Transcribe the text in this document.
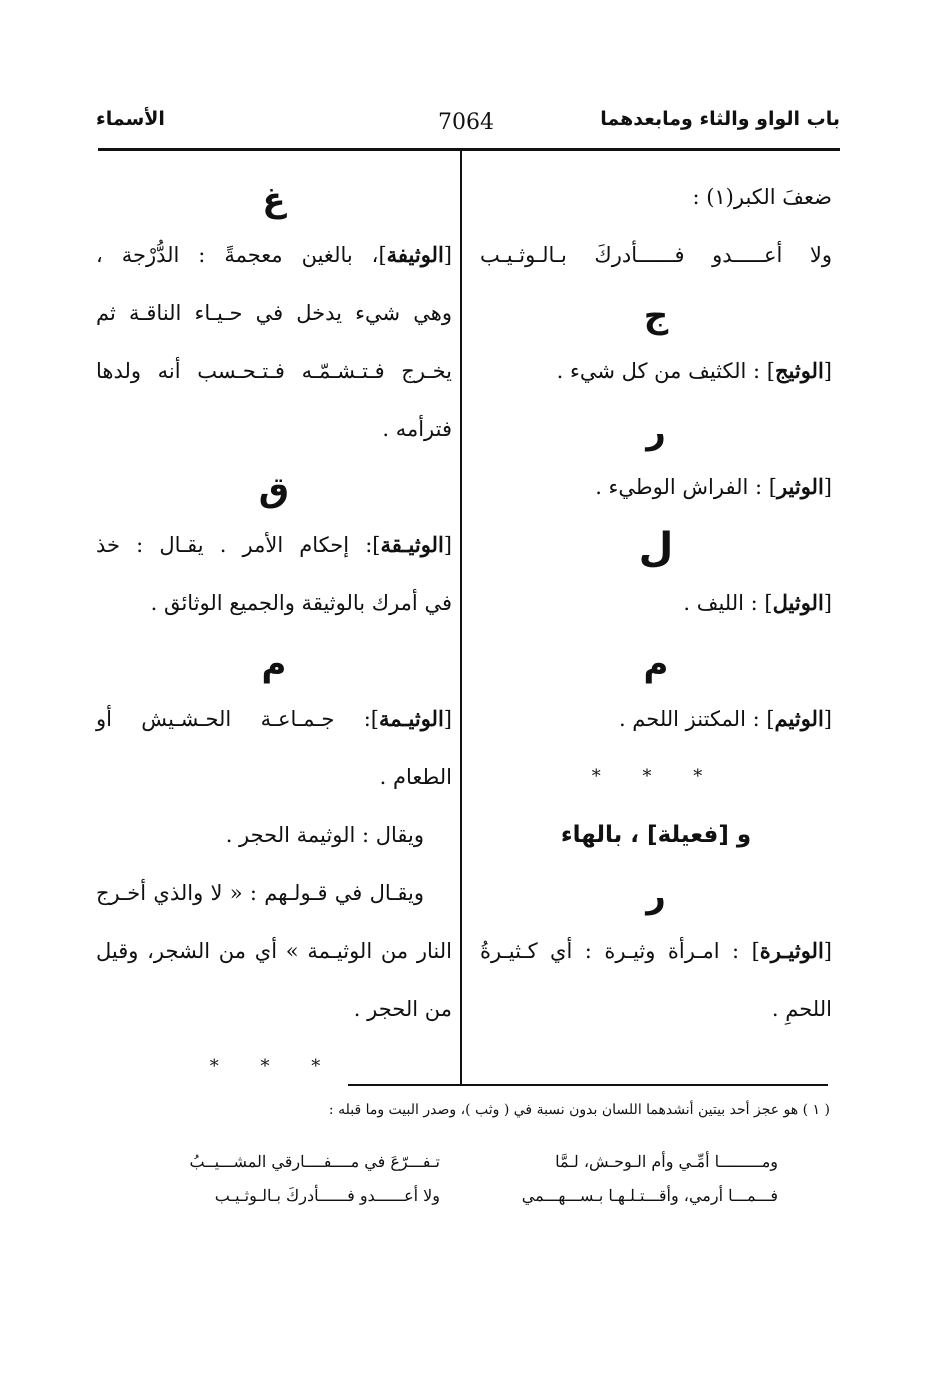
باب الواو والثاء ومابعدهما
7064
الأسماء
ضعفَ الكبر(١) :
ولا أعـــــدو فــــــأدركَ بـالـوثـيـب
ج
[الوثيج] : الكثيف من كل شيء .
ر
[الوثير] : الفراش الوطيء .
ل
[الوثيل] : الليف .
م
[الوثيم] : المكتنز اللحم .
* * *
و [فعيلة] ، بالهاء
ر
[الوثيـرة] : امـرأة وثيـرة : أي كـثيـرةُ
اللحمِ .
غ
[الوثيفة]، بالغين معجمةً : الدُّرْجة ،
وهي شيء يدخل في حـيـاء الناقـة ثم
يخـرج فـتـشـمّـه فـتـحـسب أنه ولدها
فترأمه .
ق
[الوثيـقة]: إحكام الأمر . يقـال : خذ
في أمرك بالوثيقة والجميع الوثائق .
م
[الوثيـمة]: جـمـاعـة الحـشـيش أو
الطعام .
ويقال : الوثيمة الحجر .
ويقـال في قـولـهم : « لا والذي أخـرج
النار من الوثيـمة » أي من الشجر، وقيل
من الحجر .
* * *
( ١ ) هو عجز أحد بيتين أنشدهما اللسان بدون نسبة في ( وثب )، وصدر البيت وما قبله :
ومـــــــــا أمِّـي وأم الـوحـش، لـمَّا
تـفـــرّعَ في مــــفــــارقي المشـــيــبُ
فـــمـــا أرمي، وأقـــتـلـهـا بـســـهـــمي
ولا أعــــــدو فــــــأدركَ بـالـوثـيـب
